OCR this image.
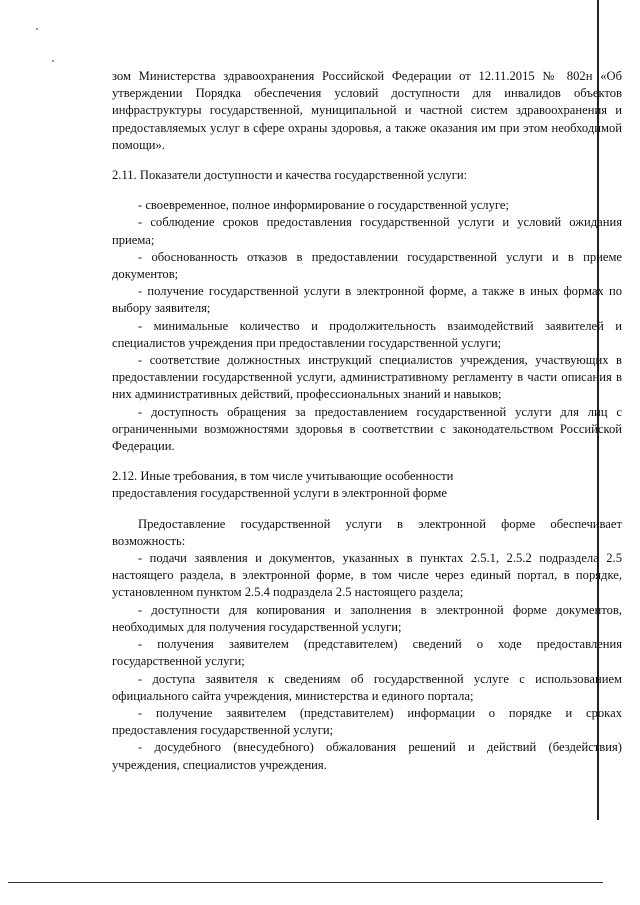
зом Министерства здравоохранения Российской Федерации от 12.11.2015 № 802н «Об утверждении Порядка обеспечения условий доступности для инвалидов объектов инфраструктуры государственной, муниципальной и частной систем здравоохранения и предоставляемых услуг в сфере охраны здоровья, а также оказания им при этом необходимой помощи».

2.11. Показатели доступности и качества государственной услуги:

- своевременное, полное информирование о государственной услуге;

- соблюдение сроков предоставления государственной услуги и условий ожидания приема;

- обоснованность отказов в предоставлении государственной услуги и в приеме документов;

- получение государственной услуги в электронной форме, а также в иных формах по выбору заявителя;

- минимальные количество и продолжительность взаимодействий заявителей и специалистов учреждения при предоставлении государственной услуги;

- соответствие должностных инструкций специалистов учреждения, участвующих в предоставлении государственной услуги, административному регламенту в части описания в них административных действий, профессиональных знаний и навыков;

- доступность обращения за предоставлением государственной услуги для лиц с ограниченными возможностями здоровья в соответствии с законодательством Российской Федерации.

2.12. Иные требования, в том числе учитывающие особенности

предоставления государственной услуги в электронной форме

Предоставление государственной услуги в электронной форме обеспечивает возможность:

- подачи заявления и документов, указанных в пунктах 2.5.1, 2.5.2 подраздела 2.5 настоящего раздела, в электронной форме, в том числе через единый портал, в порядке, установленном пунктом 2.5.4 подраздела 2.5 настоящего раздела;

- доступности для копирования и заполнения в электронной форме документов, необходимых для получения государственной услуги;

- получения заявителем (представителем) сведений о ходе предоставления государственной услуги;

- доступа заявителя к сведениям об государственной услуге с использованием официального сайта учреждения, министерства и единого портала;

- получение заявителем (представителем) информации о порядке и сроках предоставления государственной услуги;

- досудебного (внесудебного) обжалования решений и действий (бездействия) учреждения, специалистов учреждения.
